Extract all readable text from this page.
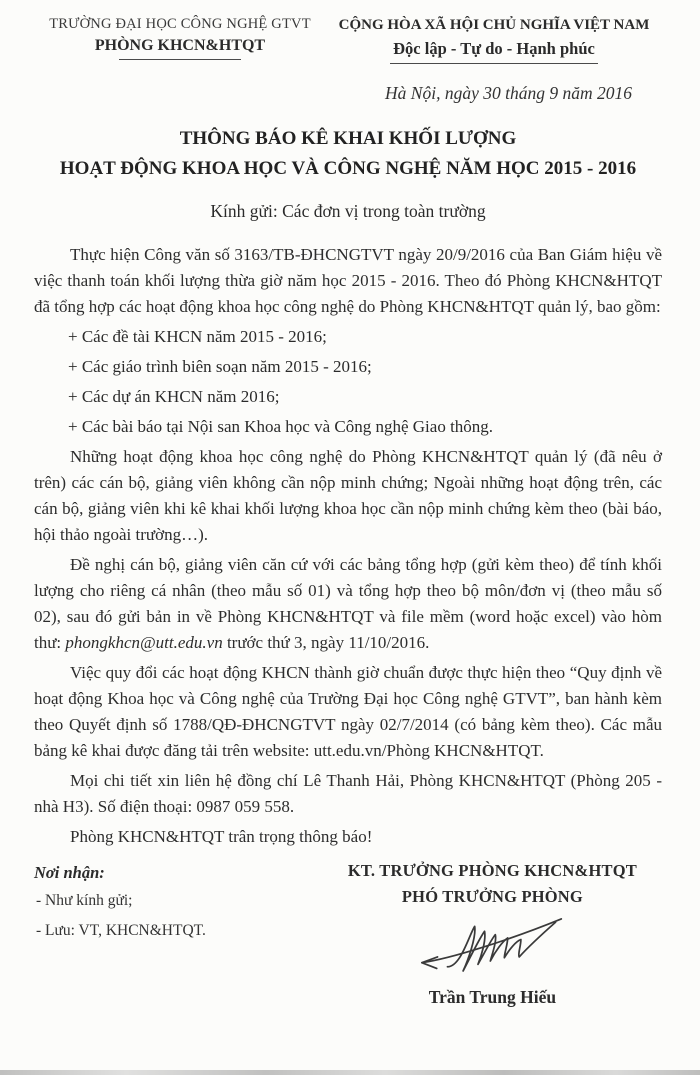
TRƯỜNG ĐẠI HỌC CÔNG NGHỆ GTVT
PHÒNG KHCN&HTQT
CỘNG HÒA XÃ HỘI CHỦ NGHĨA VIỆT NAM
Độc lập - Tự do - Hạnh phúc
Hà Nội, ngày 30 tháng 9 năm 2016
THÔNG BÁO KÊ KHAI KHỐI LƯỢNG
HOẠT ĐỘNG KHOA HỌC VÀ CÔNG NGHỆ NĂM HỌC 2015 - 2016
Kính gửi: Các đơn vị trong toàn trường

Thực hiện Công văn số 3163/TB-ĐHCNGTVT ngày 20/9/2016 của Ban Giám hiệu về việc thanh toán khối lượng thừa giờ năm học 2015 - 2016. Theo đó Phòng KHCN&HTQT đã tổng hợp các hoạt động khoa học công nghệ do Phòng KHCN&HTQT quản lý, bao gồm:

+ Các đề tài KHCN năm 2015 - 2016;
+ Các giáo trình biên soạn năm 2015 - 2016;
+ Các dự án KHCN năm 2016;
+ Các bài báo tại Nội san Khoa học và Công nghệ Giao thông.

Những hoạt động khoa học công nghệ do Phòng KHCN&HTQT quản lý (đã nêu ở trên) các cán bộ, giảng viên không cần nộp minh chứng; Ngoài những hoạt động trên, các cán bộ, giảng viên khi kê khai khối lượng khoa học cần nộp minh chứng kèm theo (bài báo, hội thảo ngoài trường…).

Đề nghị cán bộ, giảng viên căn cứ với các bảng tổng hợp (gửi kèm theo) để tính khối lượng cho riêng cá nhân (theo mẫu số 01) và tổng hợp theo bộ môn/đơn vị (theo mẫu số 02), sau đó gửi bản in về Phòng KHCN&HTQT và file mềm (word hoặc excel) vào hòm thư: phongkhcn@utt.edu.vn trước thứ 3, ngày 11/10/2016.

Việc quy đổi các hoạt động KHCN thành giờ chuẩn được thực hiện theo “Quy định về hoạt động Khoa học và Công nghệ của Trường Đại học Công nghệ GTVT”, ban hành kèm theo Quyết định số 1788/QĐ-ĐHCNGTVT ngày 02/7/2014 (có bảng kèm theo). Các mẫu bảng kê khai được đăng tải trên website: utt.edu.vn/Phòng KHCN&HTQT.

Mọi chi tiết xin liên hệ đồng chí Lê Thanh Hải, Phòng KHCN&HTQT (Phòng 205 - nhà H3). Số điện thoại: 0987 059 558.

Phòng KHCN&HTQT trân trọng thông báo!

Nơi nhận:
- Như kính gửi;
- Lưu: VT, KHCN&HTQT.
KT. TRƯỞNG PHÒNG KHCN&HTQT
PHÓ TRƯỞNG PHÒNG
Trần Trung Hiếu
